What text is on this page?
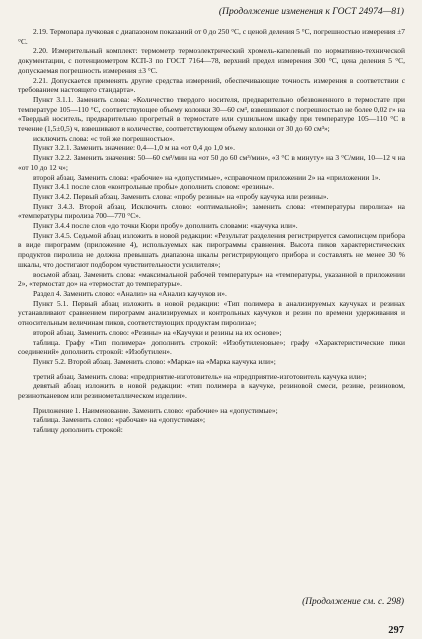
(Продолжение изменения к ГОСТ 24974—81)

2.19. Термопара лучковая с диапазоном показаний от 0 до 250 °С, с ценой деления 5 °С, погрешностью измерения ±7 °С.

2.20. Измерительный комплект: термометр термоэлектрический хромель-капелевый по нормативно-технической документации, с потенциометром КСП-3 по ГОСТ 7164—78, верхний предел измерения 300 °С, цена деления 5 °С, допускаемая погрешность измерения ±3 °С.

2.21. Допускается применять другие средства измерений, обеспечивающие точность измерения в соответствии с требованием настоящего стандарта».

Пункт 3.1.1. Заменить слова: «Количество твердого носителя, предварительно обезвоженного в термостате при температуре 105—110 °С, соответствующее объему колонки 30—60 см³, взвешивают с погрешностью не более 0,02 г» на «Твердый носитель, предварительно прогретый в термостате или сушильном шкафу при температуре 105—110 °С в течение (1,5±0,5) ч, взвешивают в количестве, соответствующем объему колонки от 30 до 60 см³»;

исключить слова: «с той же погрешностью».

Пункт 3.2.1. Заменить значение: 0,4—1,0 м на «от 0,4 до 1,0 м».

Пункт 3.2.2. Заменить значения: 50—60 см³/мин на «от 50 до 60 см³/мин», «3 °С в минуту» на 3 °С/мин, 10—12 ч на «от 10 до 12 ч»;

второй абзац. Заменить слова: «рабочие» на «допустимые», «справочном приложении 2» на «приложении 1».

Пункт 3.4.1 после слов «контрольные пробы» дополнить словом: «резины».

Пункт 3.4.2. Первый абзац. Заменить слова: «пробу резины» на «пробу каучука или резины».

Пункт 3.4.3. Второй абзац. Исключить слово: «оптимальной»; заменить слова: «температуры пиролиза» на «температуры пиролиза 700—770 °С».

Пункт 3.4.4 после слов «до точки Кюри пробу» дополнить словами: «каучука или».

Пункт 3.4.5. Седьмой абзац изложить в новой редакции: «Результат разделения регистрируется самописцем прибора в виде пирограмм (приложение 4), используемых как пирограммы сравнения. Высота пиков характеристических продуктов пиролиза не должна превышать диапазона шкалы регистрирующего прибора и составлять не менее 30 % шкалы, что достигают подбором чувствительности усилителя»;

восьмой абзац. Заменить слова: «максимальной рабочей температуры» на «температуры, указанной в приложении 2», «термостат до» на «термостат до температуры».

Раздел 4. Заменить слово: «Анализ» на «Анализ каучуков и».

Пункт 5.1. Первый абзац изложить в новой редакции: «Тип полимера в анализируемых каучуках и резинах устанавливают сравнением пирограмм анализируемых и контрольных каучуков и резин по времени удерживания и относительным величинам пиков, соответствующих продуктам пиролиза»;

второй абзац. Заменить слово: «Резины» на «Каучуки и резины на их основе»;

таблица. Графу «Тип полимера» дополнить строкой: «Изобутиленовые»; графу «Характеристические пики соединений» дополнить строкой: «Изобутилен».

Пункт 5.2. Второй абзац. Заменить слово: «Марка» на «Марка каучука или»;

третий абзац. Заменить слова: «предприятие-изготовитель» на «предприятие-изготовитель каучука или»;

девятый абзац изложить в новой редакции: «тип полимера в каучуке, резиновой смеси, резине, резиновом, резинотканевом или резинометаллическом изделии».

Приложение 1. Наименование. Заменить слово: «рабочие» на «допустимые»;

таблица. Заменить слово: «рабочая» на «допустимая»;

таблицу дополнить строкой:

(Продолжение см. с. 298)
297
